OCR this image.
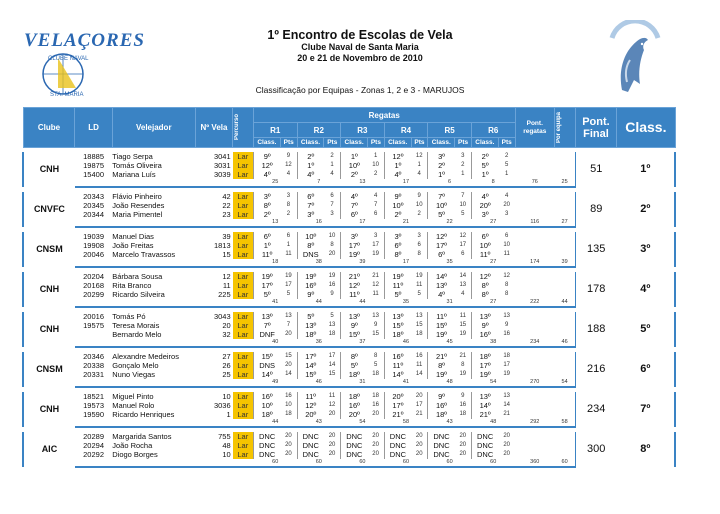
VELAÇORES
CLUBE NAVAL
STA. MARIA
1º Encontro de Escolas de Vela
Clube Naval de Santa Maria
20 e 21 de Novembro de 2010
Classificação por Equipas - Zonas 1, 2 e 3 - MARUJOS
Clube	LD	Velejador	Nº Vela	Percurso	Regatas												Pont. regatas	Por equipa	Pont. Final	Class.
					R1		R2		R3		R4		R5		R6					
					Class.	Pts	Class.	Pts	Class.	Pts	Class.	Pts	Class.	Pts	Class.	Pts				

CNH	18885	Tiago Serpa	3041	Lar	9º	9	2º	2	1º	1	12º	12	3º	3	2º	2			51	1º
	19875	Tomás Oliveira	3031	Lar	12º	12	1º	1	10º	10	1º	1	2º	2	5º	5				
	15400	Mariana Luís	3039	Lar	4º	4	4º	4	2º	2	4º	4	1º	1	1º	1				
					25		7		13		17		6		8		76	25		

CNVFC	20343	Flávio Pinheiro	42	Lar	3º	3	6º	6	4º	4	9º	9	7º	7	4º	4			89	2º
	20345	João Resendes	22	Lar	8º	8	7º	7	7º	7	10º	10	10º	10	20º	20				
	20344	Maria Pimentel	23	Lar	2º	2	3º	3	6º	6	2º	2	5º	5	3º	3				
					13		16		17		21		22		27		116	27		

CNSM	19039	Manuel Dias	39	Lar	6º	6	10º	10	3º	3	3º	3	12º	12	6º	6			135	3º
	19908	João Freitas	1813	Lar	1º	1	8º	8	17º	17	6º	6	17º	17	10º	10				
	20046	Marcelo Travassos	15	Lar	11º	11	DNS	20	19º	19	8º	8	6º	6	11º	11				
					18		38		39		17		35		27		174	39		

CNH	20204	Bárbara Sousa	12	Lar	19º	19	19º	19	21º	21	19º	19	14º	14	12º	12			178	4º
	20168	Rita Branco	11	Lar	17º	17	16º	16	12º	12	11º	11	13º	13	8º	8				
	20299	Ricardo Silveira	225	Lar	5º	5	9º	9	11º	11	5º	5	4º	4	8º	8				
					41		44		44		35		31		27		222	44		

CNH	20016	Tomás Pó	3043	Lar	13º	13	5º	5	13º	13	13º	13	11º	11	13º	13			188	5º
	19575	Teresa Morais	20	Lar	7º	7	13º	13	9º	9	15º	15	15º	15	9º	9				
		Bernardo Melo	32	Lar	DNF	20	18º	18	15º	15	18º	18	19º	19	16º	16				
					40		36		37		46		45		38		234	46		

CNSM	20346	Alexandre Medeiros	27	Lar	15º	15	17º	17	8º	8	16º	16	21º	21	18º	18			216	6º
	20338	Gonçalo Melo	26	Lar	DNS	20	14º	14	5º	5	11º	11	8º	8	17º	17				
	20331	Nuno Viegas	25	Lar	14º	14	15º	15	18º	18	14º	14	19º	19	19º	19				
					49		46		31		41		48		54		270	54		

CNH	18521	Miguel Pinto	10	Lar	16º	16	11º	11	18º	18	20º	20	9º	9	13º	13			234	7º
	19573	Manuel Rolo	3036	Lar	10º	10	12º	12	16º	16	17º	17	16º	16	14º	14				
	19590	Ricardo Henriques	1	Lar	18º	18	20º	20	20º	20	21º	21	18º	18	21º	21				
					44		43		54		58		43		48		292	58		

AIC	20289	Margarida Santos	755	Lar	DNC	20	DNC	20	DNC	20	DNC	20	DNC	20	DNC	20			300	8º
	20294	João Rocha	48	Lar	DNC	20	DNC	20	DNC	20	DNC	20	DNC	20	DNC	20				
	20292	Diogo Borges	10	Lar	DNC	20	DNC	20	DNC	20	DNC	20	DNC	20	DNC	20				
					60		60		60		60		60		60		360	60		
